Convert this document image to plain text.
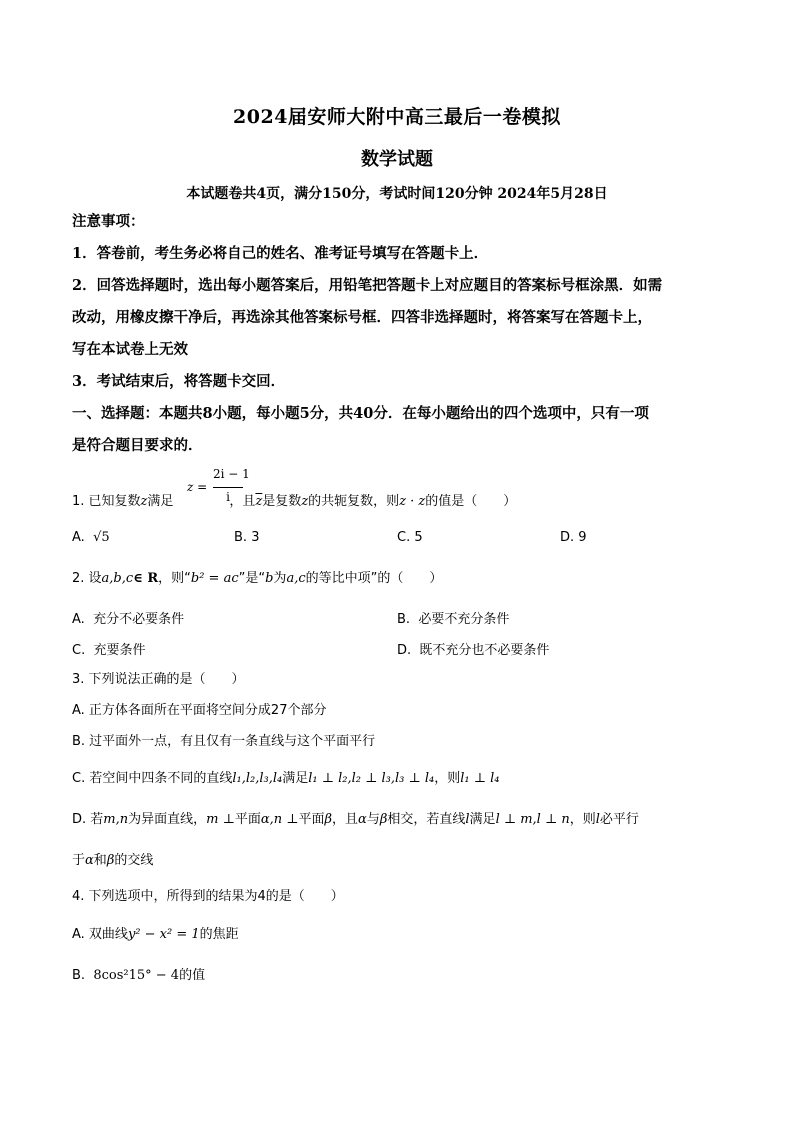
2024届安师大附中高三最后一卷模拟
数学试题
本试题卷共4页，满分150分，考试时间120分钟 2024年5月28日
注意事项：
1．答卷前，考生务必将自己的姓名、准考证号填写在答题卡上．
2．回答选择题时，选出每小题答案后，用铅笔把答题卡上对应题目的答案标号框涂黑．如需
改动，用橡皮擦干净后，再选涂其他答案标号框．四答非选择题时，将答案写在答题卡上，
写在本试卷上无效
3．考试结束后，将答题卡交回．
一、选择题：本题共8小题，每小题5分，共40分．在每小题给出的四个选项中，只有一项
是符合题目要求的．
1. 已知复数z满足	，且$\overline{z}$是复数z的共轭复数，则z · z的值是（　　）
z =
2i − 1
i
A. √5	B. 3	C. 5	D. 9
2. 设a,b,c∈ R，则“b² = ac”是“b为a,c的等比中项”的（　　）
A. 充分不必要条件	B. 必要不充分条件
C. 充要条件	D. 既不充分也不必要条件
3. 下列说法正确的是（　　）
A. 正方体各面所在平面将空间分成27个部分
B. 过平面外一点，有且仅有一条直线与这个平面平行
C. 若空间中四条不同的直线l₁,l₂,l₃,l₄满足l₁ ⊥ l₂,l₂ ⊥ l₃,l₃ ⊥ l₄，则l₁ ⊥ l₄
D. 若m,n为异面直线，m ⊥平面α,n ⊥平面β，且α与β相交，若直线l满足l ⊥ m,l ⊥ n，则l必平行
于α和β的交线
4. 下列选项中，所得到的结果为4的是（　　）
A. 双曲线y² − x² = 1的焦距
B. 8cos²15° − 4的值
